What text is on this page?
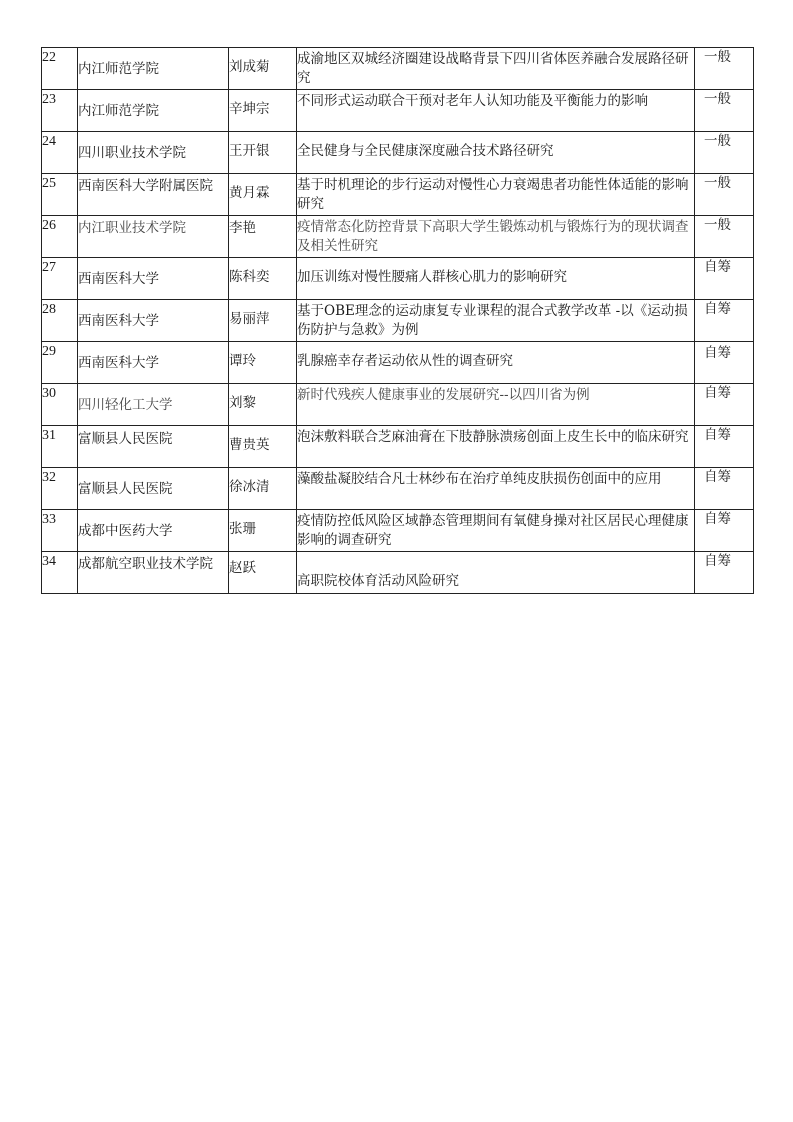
22	内江师范学院	刘成菊	成渝地区双城经济圈建设战略背景下四川省体医养融合发展路径研究	一般

23	内江师范学院	辛坤宗	不同形式运动联合干预对老年人认知功能及平衡能力的影响	一般

24	四川职业技术学院	王开银	全民健身与全民健康深度融合技术路径研究	一般

25	西南医科大学附属医院	黄月霖	基于时机理论的步行运动对慢性心力衰竭患者功能性体适能的影响研究	一般

26	内江职业技术学院	李艳	疫情常态化防控背景下高职大学生锻炼动机与锻炼行为的现状调查及相关性研究	一般

27	西南医科大学	陈科奕	加压训练对慢性腰痛人群核心肌力的影响研究	自筹

28	西南医科大学	易丽萍	基于OBE理念的运动康复专业课程的混合式教学改革 -以《运动损伤防护与急救》为例	自筹

29	西南医科大学	谭玲	乳腺癌幸存者运动依从性的调查研究	自筹

30	四川轻化工大学	刘黎	新时代残疾人健康事业的发展研究--以四川省为例	自筹

31	富顺县人民医院	曹贵英	泡沫敷料联合芝麻油膏在下肢静脉溃疡创面上皮生长中的临床研究	自筹

32	富顺县人民医院	徐冰清	藻酸盐凝胶结合凡士林纱布在治疗单纯皮肤损伤创面中的应用	自筹

33	成都中医药大学	张珊	疫情防控低风险区域静态管理期间有氧健身操对社区居民心理健康影响的调查研究	自筹

34	成都航空职业技术学院	赵跃	高职院校体育活动风险研究	自筹
